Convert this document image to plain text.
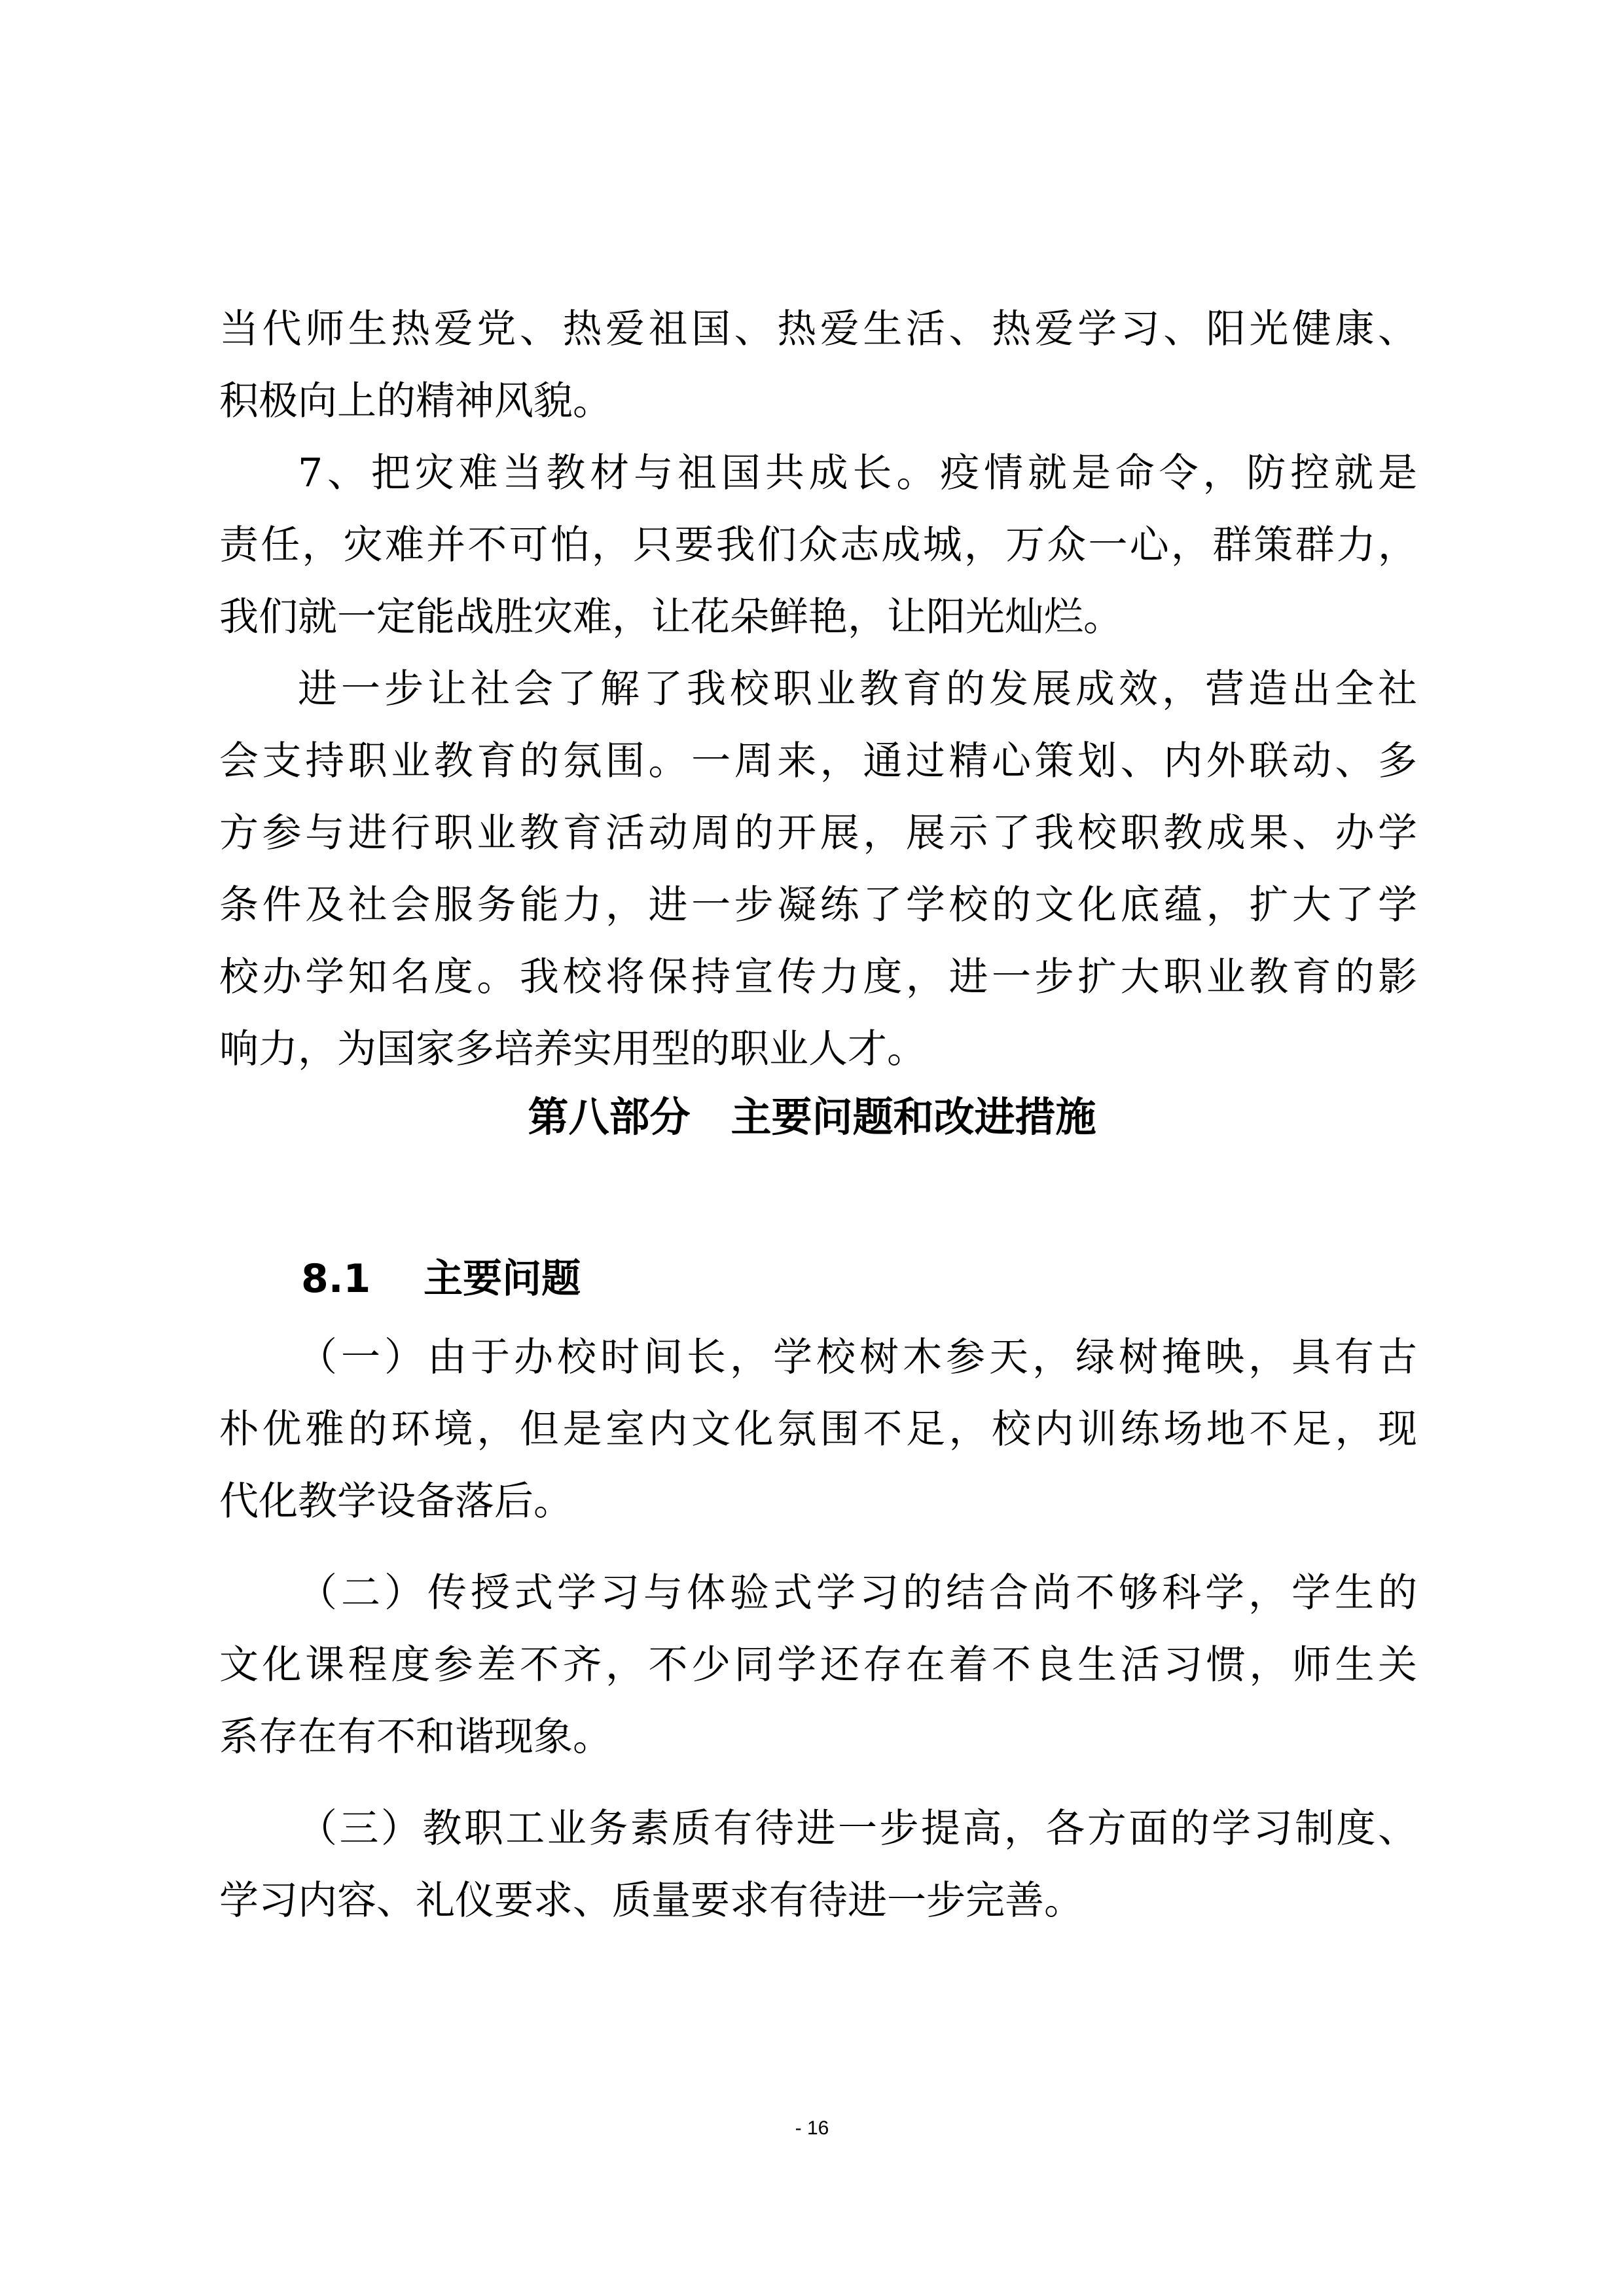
当代师生热爱党、热爱祖国、热爱生活、热爱学习、阳光健康、
积极向上的精神风貌。
7、把灾难当教材与祖国共成长。疫情就是命令，防控就是
责任，灾难并不可怕，只要我们众志成城，万众一心，群策群力，
我们就一定能战胜灾难，让花朵鲜艳，让阳光灿烂。
进一步让社会了解了我校职业教育的发展成效，营造出全社
会支持职业教育的氛围。一周来，通过精心策划、内外联动、多
方参与进行职业教育活动周的开展，展示了我校职教成果、办学
条件及社会服务能力，进一步凝练了学校的文化底蕴，扩大了学
校办学知名度。我校将保持宣传力度，进一步扩大职业教育的影
响力，为国家多培养实用型的职业人才。
第八部分　主要问题和改进措施
8.1　 主要问题
（一）由于办校时间长，学校树木参天，绿树掩映，具有古
朴优雅的环境，但是室内文化氛围不足，校内训练场地不足，现
代化教学设备落后。
（二）传授式学习与体验式学习的结合尚不够科学，学生的
文化课程度参差不齐，不少同学还存在着不良生活习惯，师生关
系存在有不和谐现象。
（三）教职工业务素质有待进一步提高，各方面的学习制度、
学习内容、礼仪要求、质量要求有待进一步完善。
- 16
